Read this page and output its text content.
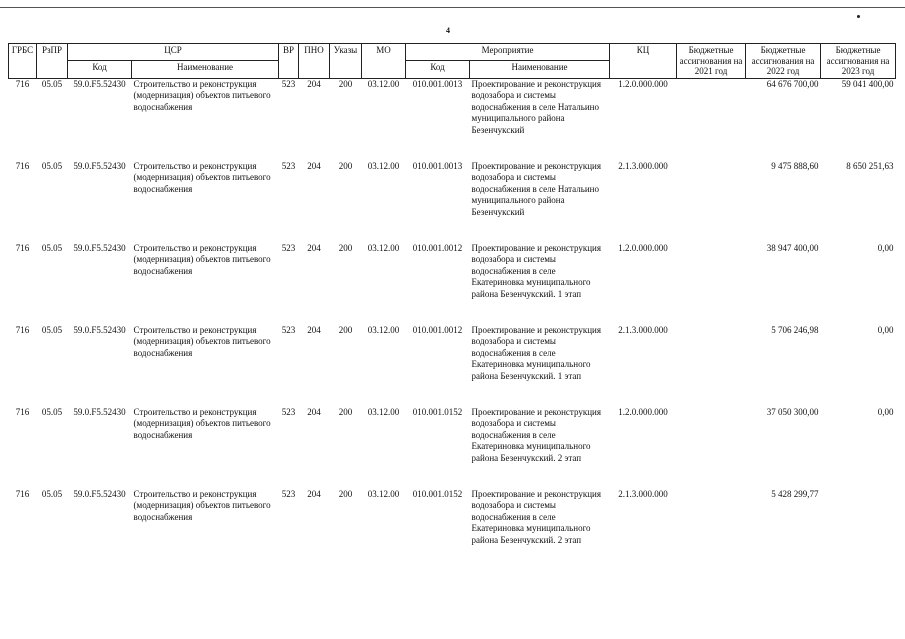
4
ГРБС	РзПР	ЦСР		ВР	ПНО	Указы	МО	Мероприятие		КЦ	Бюджетные ассигнования на 2021 год	Бюджетные ассигнования на 2022 год	Бюджетные ассигнования на 2023 год
		Код	Наименование					Код	Наименование				
716	05.05	59.0.F5.52430	Строительство и реконструкция (модернизация) объектов питьевого водоснабжения	523	204	200	03.12.00	010.001.0013	Проектирование и реконструкция водозабора и системы водоснабжения в селе Натальино муниципального района Безенчукский	1.2.0.000.000		64 676 700,00	59 041 400,00
716	05.05	59.0.F5.52430	Строительство и реконструкция (модернизация) объектов питьевого водоснабжения	523	204	200	03.12.00	010.001.0013	Проектирование и реконструкция водозабора и системы водоснабжения в селе Натальино муниципального района Безенчукский	2.1.3.000.000		9 475 888,60	8 650 251,63
716	05.05	59.0.F5.52430	Строительство и реконструкция (модернизация) объектов питьевого водоснабжения	523	204	200	03.12.00	010.001.0012	Проектирование и реконструкция водозабора и системы водоснабжения в селе Екатериновка муниципального района Безенчукский. 1 этап	1.2.0.000.000		38 947 400,00	0,00
716	05.05	59.0.F5.52430	Строительство и реконструкция (модернизация) объектов питьевого водоснабжения	523	204	200	03.12.00	010.001.0012	Проектирование и реконструкция водозабора и системы водоснабжения в селе Екатериновка муниципального района Безенчукский. 1 этап	2.1.3.000.000		5 706 246,98	0,00
716	05.05	59.0.F5.52430	Строительство и реконструкция (модернизация) объектов питьевого водоснабжения	523	204	200	03.12.00	010.001.0152	Проектирование и реконструкция водозабора и системы водоснабжения в селе Екатериновка муниципального района Безенчукский. 2 этап	1.2.0.000.000		37 050 300,00	0,00
716	05.05	59.0.F5.52430	Строительство и реконструкция (модернизация) объектов питьевого водоснабжения	523	204	200	03.12.00	010.001.0152	Проектирование и реконструкция водозабора и системы водоснабжения в селе Екатериновка муниципального района Безенчукский. 2 этап	2.1.3.000.000		5 428 299,77	
